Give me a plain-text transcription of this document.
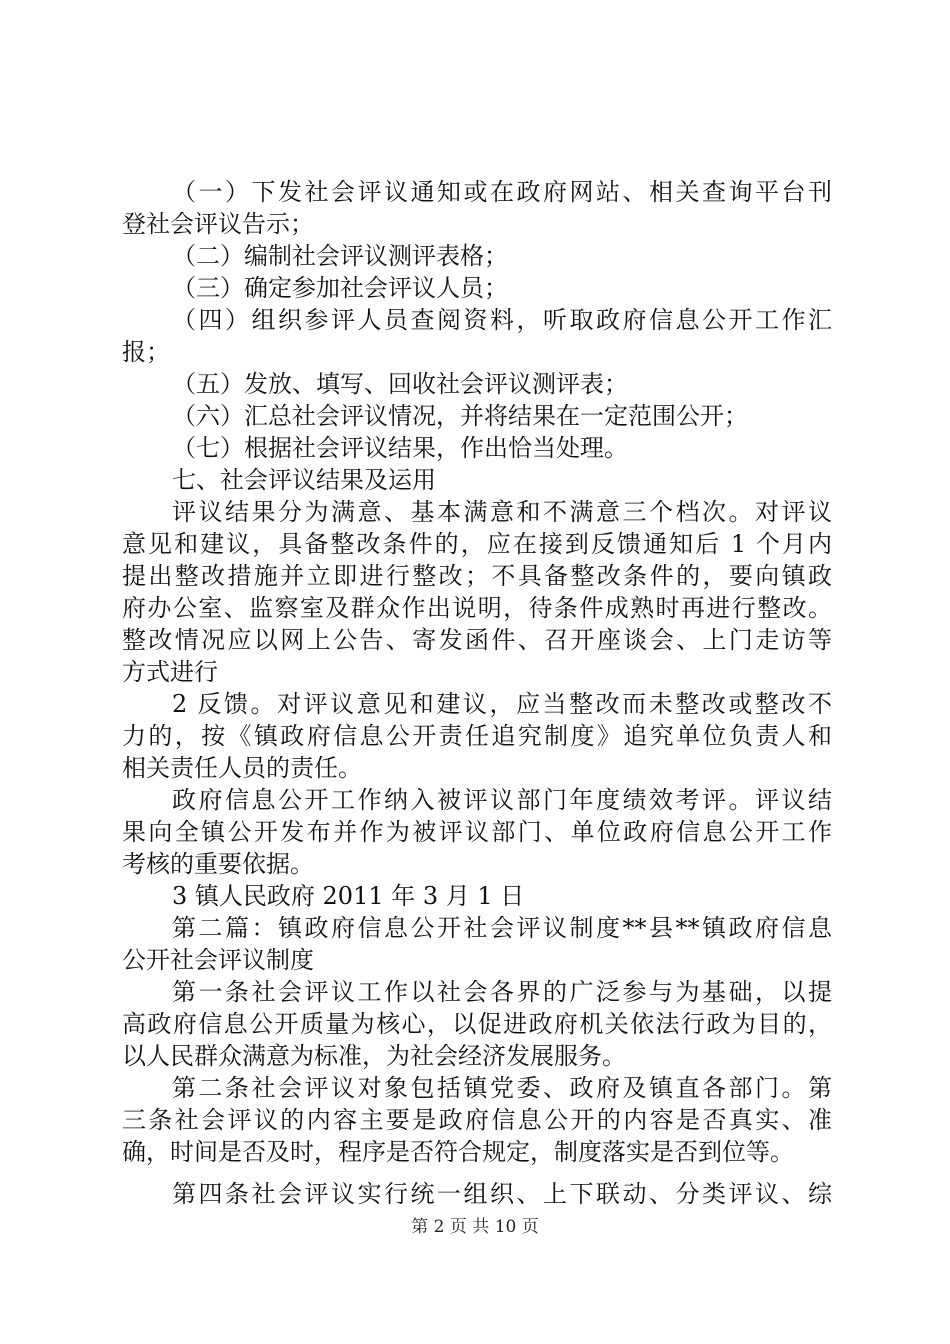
（一）下发社会评议通知或在政府网站、相关查询平台刊
登社会评议告示；
（二）编制社会评议测评表格；
（三）确定参加社会评议人员；
（四）组织参评人员查阅资料，听取政府信息公开工作汇
报；
（五）发放、填写、回收社会评议测评表；
（六）汇总社会评议情况，并将结果在一定范围公开；
（七）根据社会评议结果，作出恰当处理。
七、社会评议结果及运用
评议结果分为满意、基本满意和不满意三个档次。对评议
意见和建议，具备整改条件的，应在接到反馈通知后 1 个月内
提出整改措施并立即进行整改；不具备整改条件的，要向镇政
府办公室、监察室及群众作出说明，待条件成熟时再进行整改。
整改情况应以网上公告、寄发函件、召开座谈会、上门走访等
方式进行
2 反馈。对评议意见和建议，应当整改而未整改或整改不
力的，按《镇政府信息公开责任追究制度》追究单位负责人和
相关责任人员的责任。
政府信息公开工作纳入被评议部门年度绩效考评。评议结
果向全镇公开发布并作为被评议部门、单位政府信息公开工作
考核的重要依据。
3 镇人民政府 2011 年 3 月 1 日
第二篇：镇政府信息公开社会评议制度**县**镇政府信息
公开社会评议制度
第一条社会评议工作以社会各界的广泛参与为基础，以提
高政府信息公开质量为核心，以促进政府机关依法行政为目的，
以人民群众满意为标准，为社会经济发展服务。
第二条社会评议对象包括镇党委、政府及镇直各部门。第
三条社会评议的内容主要是政府信息公开的内容是否真实、准
确，时间是否及时，程序是否符合规定，制度落实是否到位等。
第四条社会评议实行统一组织、上下联动、分类评议、综
第 2 页 共 10 页
